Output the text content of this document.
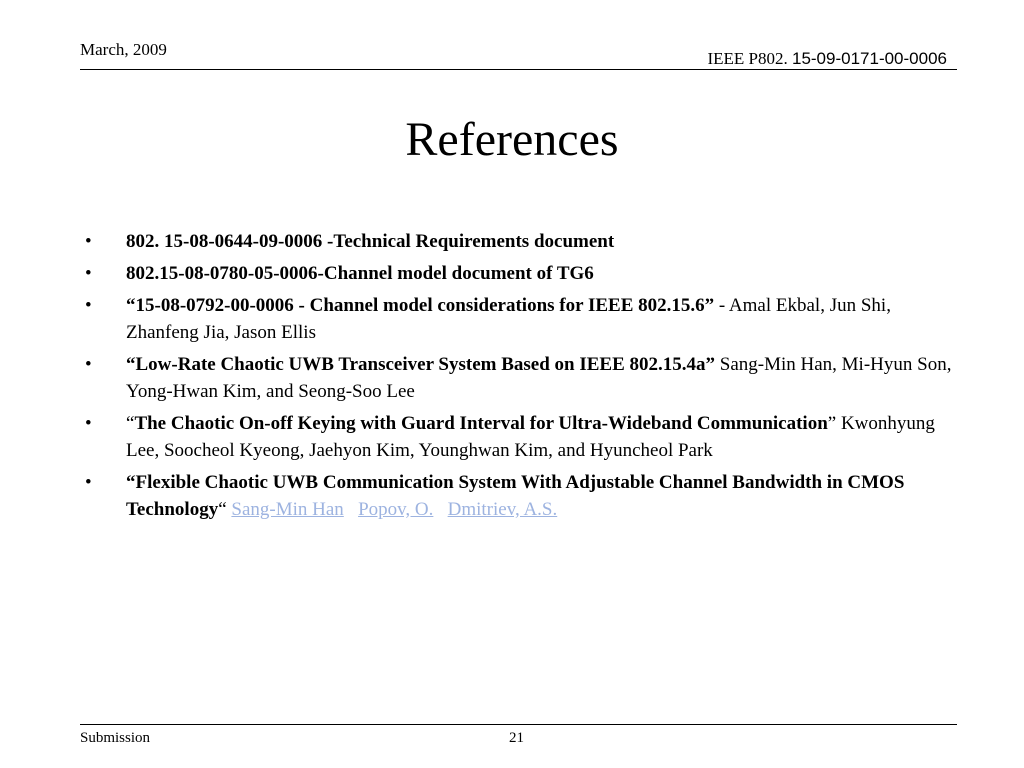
March, 2009	IEEE P802. 15-09-0171-00-0006
References
• 802. 15-08-0644-09-0006 -Technical Requirements document
• 802.15-08-0780-05-0006-Channel model document of TG6
• “15-08-0792-00-0006 - Channel model considerations for IEEE 802.15.6” - Amal Ekbal, Jun Shi, Zhanfeng Jia, Jason Ellis
• “Low-Rate Chaotic UWB Transceiver System Based on IEEE 802.15.4a” Sang-Min Han, Mi-Hyun Son, Yong-Hwan Kim, and Seong-Soo Lee
• “The Chaotic On-off Keying with Guard Interval for Ultra-Wideband Communication” Kwonhyung Lee, Soocheol Kyeong, Jaehyon Kim, Younghwan Kim, and Hyuncheol Park
• “Flexible Chaotic UWB Communication System With Adjustable Channel Bandwidth in CMOS Technology“ Sang-Min Han Popov, O. Dmitriev, A.S.
Submission	21
